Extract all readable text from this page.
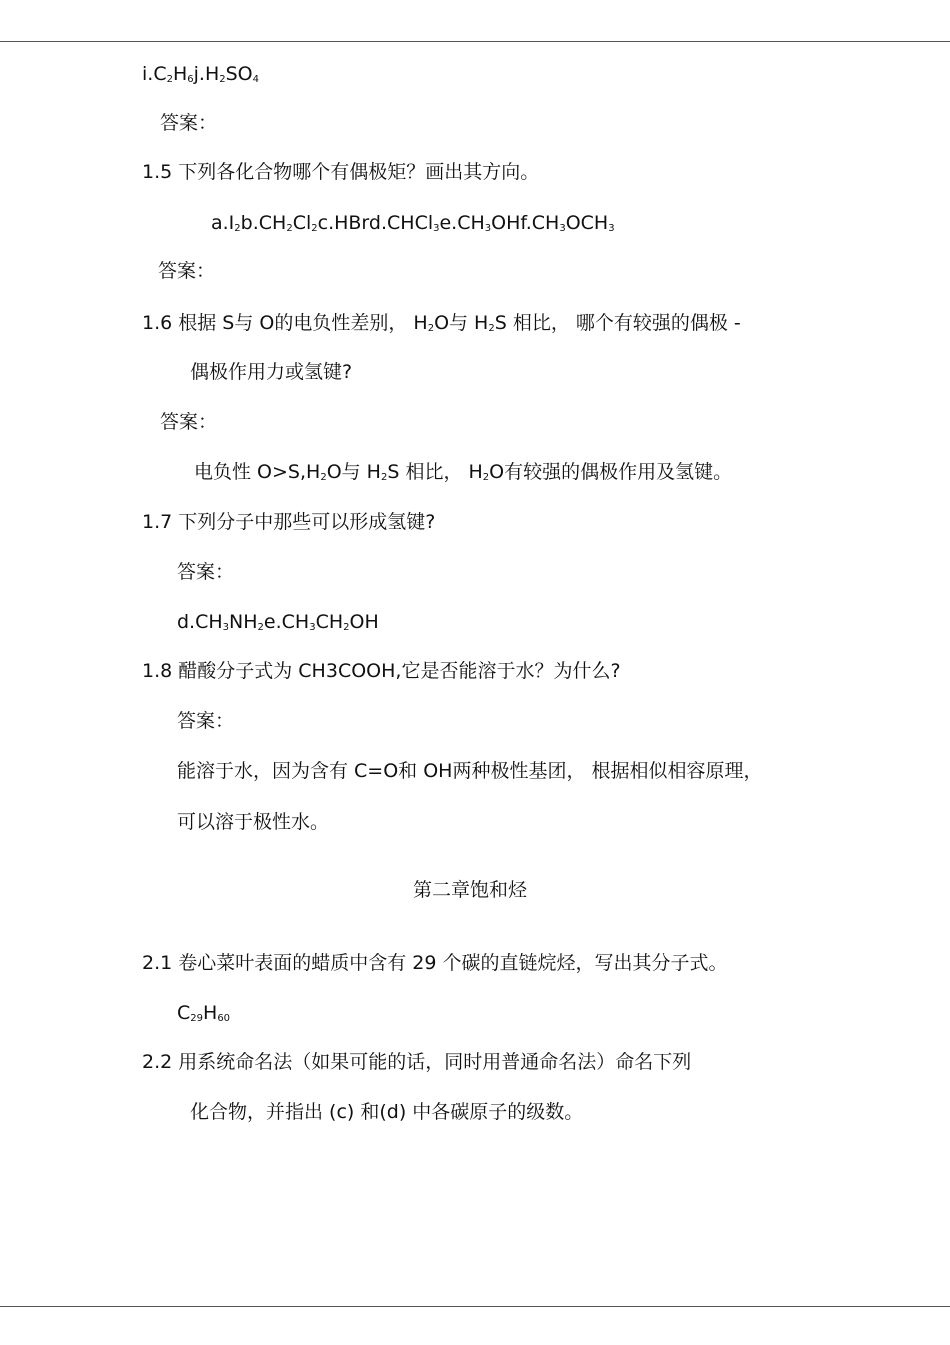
$i.C_2H_6j.H_2SO_4$
答案：
1.5 下列各化合物哪个有偶极矩？画出其方向。
$a.I_2b.CH_2Cl_2c.HBrd.CHCl_3e.CH_3OHf.CH_3OCH_3$
答案：
1.6 根据 S与 O的电负性差别， $H_2O$与 $H_2S$ 相比， 哪个有较强的偶极 -
偶极作用力或氢键?
答案：
电负性 $O>S,H_2O$与 $H_2S$ 相比， $H_2O$有较强的偶极作用及氢键。
1.7 下列分子中那些可以形成氢键?
答案：
$d.CH_3NH_2e.CH_3CH_2OH$
1.8 醋酸分子式为 CH3COOH,它是否能溶于水？为什么?
答案：
能溶于水，因为含有 C=O和 OH两种极性基团， 根据相似相容原理，
可以溶于极性水。
第二章饱和烃
2.1 卷心菜叶表面的蜡质中含有 29 个碳的直链烷烃，写出其分子式。
$C_{29}H_{60}$
2.2 用系统命名法（如果可能的话，同时用普通命名法）命名下列
化合物，并指出 (c) 和(d) 中各碳原子的级数。
